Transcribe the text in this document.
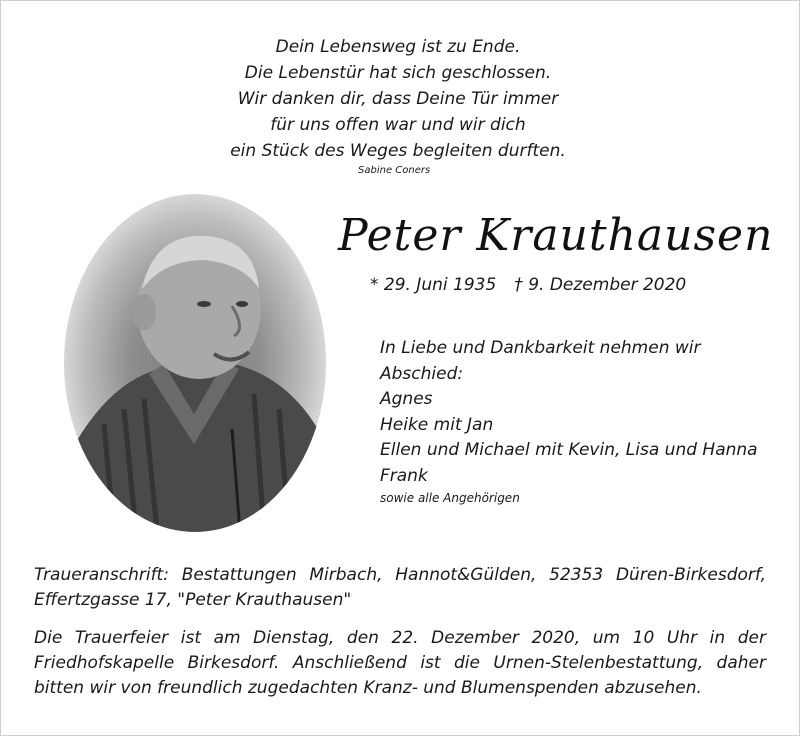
Dein Lebensweg ist zu Ende.
Die Lebenstür hat sich geschlossen.
Wir danken dir, dass Deine Tür immer
für uns offen war und wir dich
ein Stück des Weges begleiten durften.
Sabine Coners
Peter Krauthausen
* 29. Juni 1935 † 9. Dezember 2020
In Liebe und Dankbarkeit nehmen wir
Abschied:
Agnes
Heike mit Jan
Ellen und Michael mit Kevin, Lisa und Hanna
Frank
sowie alle Angehörigen
Traueranschrift: Bestattungen Mirbach, Hannot&Gülden, 52353 Düren-Birkesdorf, Effertzgasse 17, "Peter Krauthausen"
Die Trauerfeier ist am Dienstag, den 22. Dezember 2020, um 10 Uhr in der Friedhofskapelle Birkesdorf. Anschließend ist die Urnen-Stelenbestattung, daher bitten wir von freundlich zugedachten Kranz- und Blumenspenden abzusehen.
